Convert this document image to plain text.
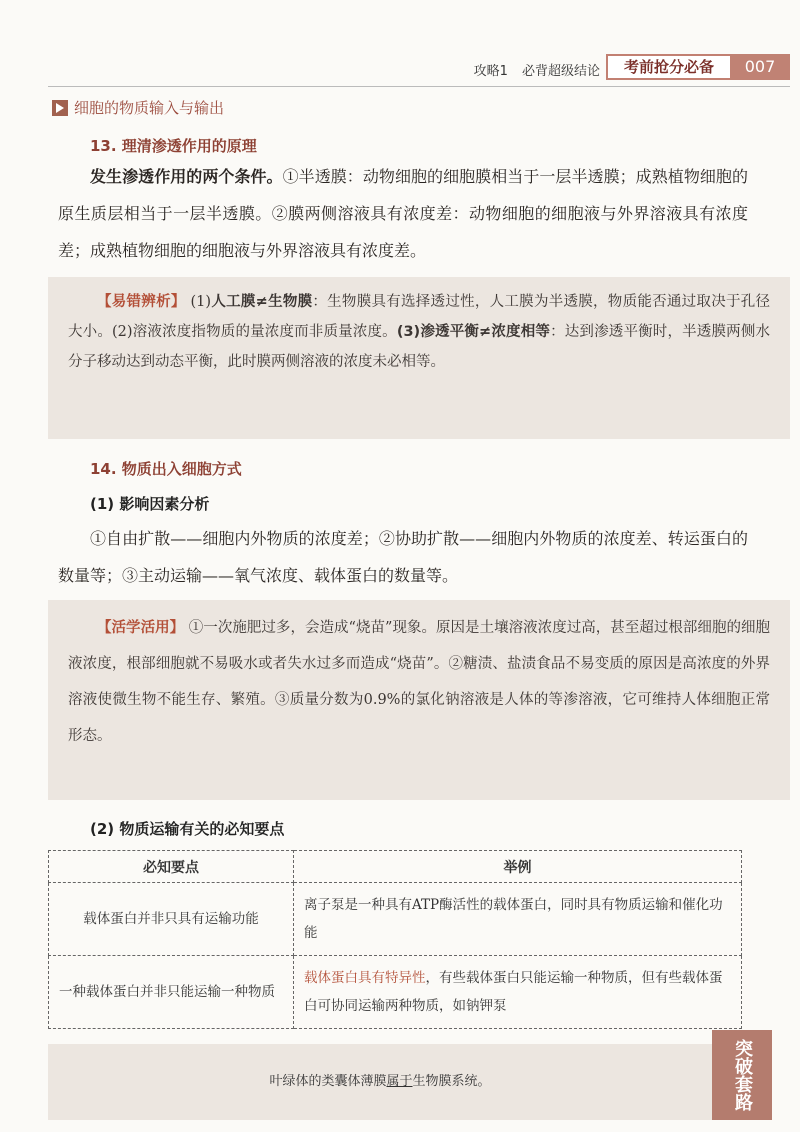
攻略1 必背超级结论	考前抢分必备	007
细胞的物质输入与输出
13. 理清渗透作用的原理
发生渗透作用的两个条件。①半透膜：动物细胞的细胞膜相当于一层半透膜；成熟植物细胞的原生质层相当于一层半透膜。②膜两侧溶液具有浓度差：动物细胞的细胞液与外界溶液具有浓度差；成熟植物细胞的细胞液与外界溶液具有浓度差。

【易错辨析】 (1)人工膜≠生物膜：生物膜具有选择透过性，人工膜为半透膜，物质能否通过取决于孔径大小。(2)溶液浓度指物质的量浓度而非质量浓度。(3)渗透平衡≠浓度相等：达到渗透平衡时，半透膜两侧水分子移动达到动态平衡，此时膜两侧溶液的浓度未必相等。

14. 物质出入细胞方式
(1) 影响因素分析
①自由扩散——细胞内外物质的浓度差；②协助扩散——细胞内外物质的浓度差、转运蛋白的数量等；③主动运输——氧气浓度、载体蛋白的数量等。

【活学活用】 ①一次施肥过多，会造成“烧苗”现象。原因是土壤溶液浓度过高，甚至超过根部细胞的细胞液浓度，根部细胞就不易吸水或者失水过多而造成“烧苗”。②糖渍、盐渍食品不易变质的原因是高浓度的外界溶液使微生物不能生存、繁殖。③质量分数为0.9%的氯化钠溶液是人体的等渗溶液，它可维持人体细胞正常形态。

(2) 物质运输有关的必知要点
必知要点	举例
载体蛋白并非只具有运输功能	离子泵是一种具有ATP酶活性的载体蛋白，同时具有物质运输和催化功能
一种载体蛋白并非只能运输一种物质	载体蛋白具有特异性，有些载体蛋白只能运输一种物质，但有些载体蛋白可协同运输两种物质，如钠钾泵
叶绿体的类囊体薄膜属于生物膜系统。	突破套路
